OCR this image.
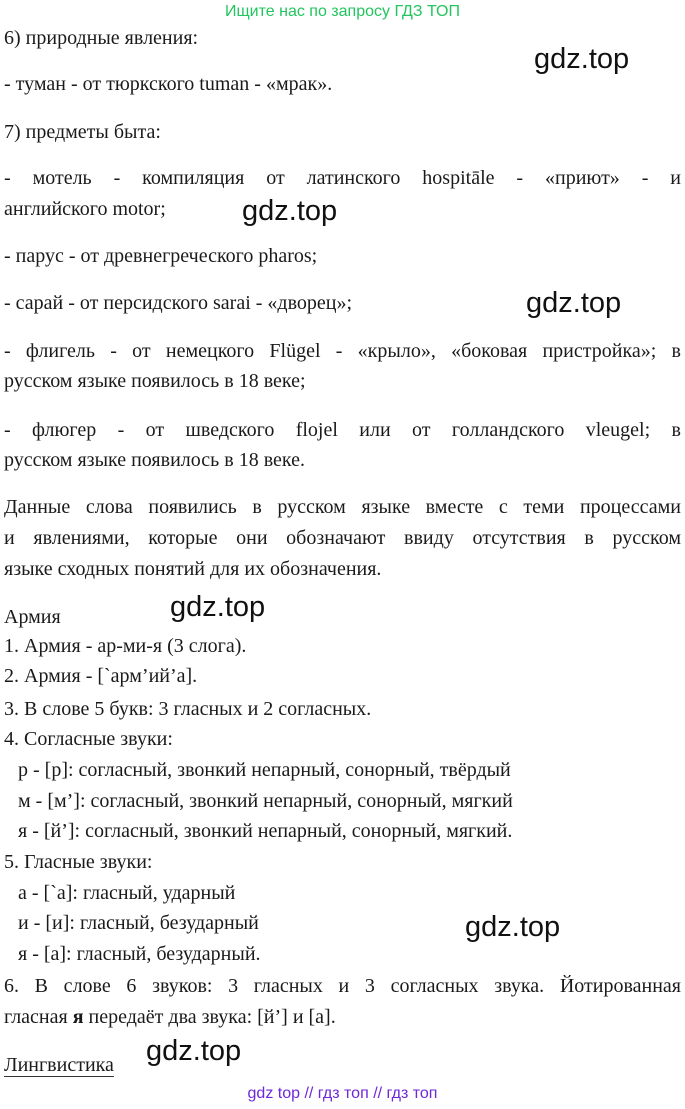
Ищите нас по запросу ГДЗ ТОП
6) природные явления:
- туман - от тюркского tuman - «мрак».
7) предметы быта:
- мотель - компиляция от латинского hospitāle - «приют» - и
английского motor;
- парус - от древнегреческого pharos;
- сарай - от персидского sarai - «дворец»;
- флигель - от немецкого Flügel - «крыло», «боковая пристройка»; в
русском языке появилось в 18 веке;
- флюгер - от шведского flojel или от голландского vleugel; в
русском языке появилось в 18 веке.
Данные слова появились в русском языке вместе с теми процессами
и явлениями, которые они обозначают ввиду отсутствия в русском
языке сходных понятий для их обозначения.
Армия
1. Армия - ар-ми-я (3 слога).
2. Армия - [`арм’ий’а].
3. В слове 5 букв: 3 гласных и 2 согласных.
4. Согласные звуки:
р - [р]: согласный, звонкий непарный, сонорный, твёрдый
м - [м’]: согласный, звонкий непарный, сонорный, мягкий
я - [й’]: согласный, звонкий непарный, сонорный, мягкий.
5. Гласные звуки:
а - [`а]: гласный, ударный
и - [и]: гласный, безударный
я - [а]: гласный, безударный.
6. В слове 6 звуков: 3 гласных и 3 согласных звука. Йотированная
гласная я передаёт два звука: [й’] и [а].
Лингвистика
gdz.top
gdz.top
gdz.top
gdz.top
gdz.top
gdz.top
gdz top // гдз топ // гдз топ
